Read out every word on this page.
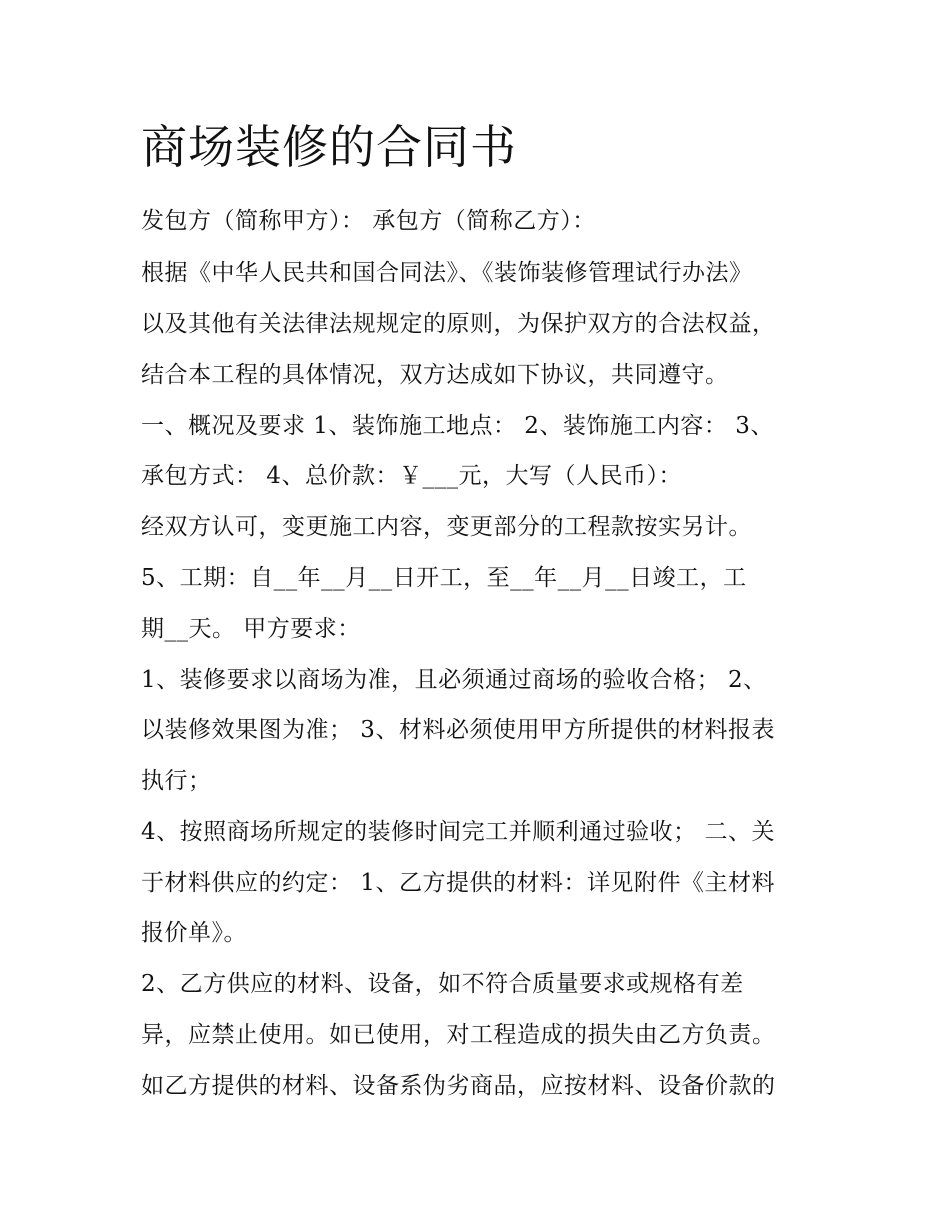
商场装修的合同书
发包方（简称甲方）： 承包方（简称乙方）：
根据《中华人民共和国合同法》、《装饰装修管理试行办法》
以及其他有关法律法规规定的原则，为保护双方的合法权益，
结合本工程的具体情况，双方达成如下协议，共同遵守。
一、概况及要求 1、装饰施工地点： 2、装饰施工内容： 3、
承包方式： 4、总价款：￥___元，大写（人民币）：
经双方认可，变更施工内容，变更部分的工程款按实另计。
5、工期：自__年__月__日开工，至__年__月__日竣工，工
期__天。 甲方要求：
1、装修要求以商场为准，且必须通过商场的验收合格； 2、
以装修效果图为准； 3、材料必须使用甲方所提供的材料报表
执行；
4、按照商场所规定的装修时间完工并顺利通过验收； 二、关
于材料供应的约定： 1、乙方提供的材料：详见附件《主材料
报价单》。
2、乙方供应的材料、设备，如不符合质量要求或规格有差
异，应禁止使用。如已使用，对工程造成的损失由乙方负责。
如乙方提供的材料、设备系伪劣商品，应按材料、设备价款的
